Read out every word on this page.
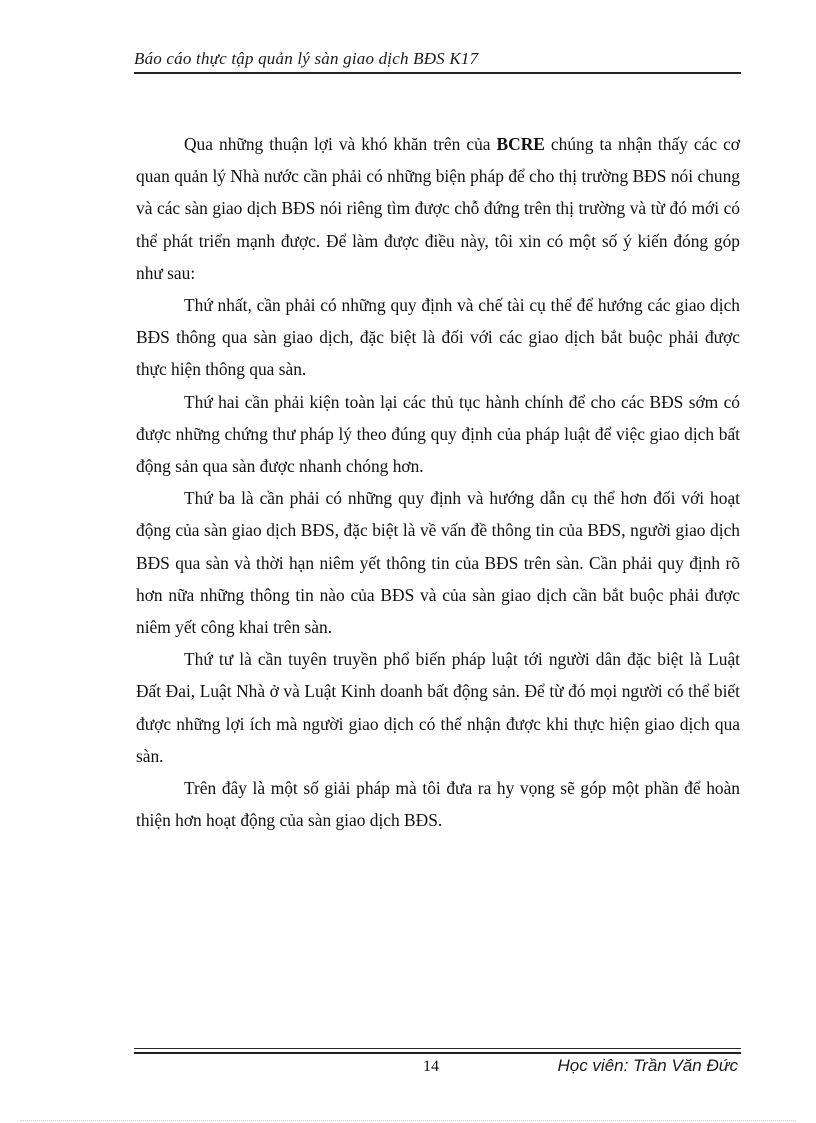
Báo cáo thực tập quản lý sàn giao dịch BĐS K17

Qua những thuận lợi và khó khăn trên của BCRE chúng ta nhận thấy các cơ quan quản lý Nhà nước cần phải có những biện pháp để cho thị trường BĐS nói chung và các sàn giao dịch BĐS nói riêng tìm được chỗ đứng trên thị trường và từ đó mới có thể phát triển mạnh được. Để làm được điều này, tôi xin có một số ý kiến đóng góp như sau:

Thứ nhất, cần phải có những quy định và chế tài cụ thể để hướng các giao dịch BĐS thông qua sàn giao dịch, đặc biệt là đối với các giao dịch bắt buộc phải được thực hiện thông qua sàn.

Thứ hai cần phải kiện toàn lại các thủ tục hành chính để cho các BĐS sớm có được những chứng thư pháp lý theo đúng quy định của pháp luật để việc giao dịch bất động sản qua sàn được nhanh chóng hơn.

Thứ ba là cần phải có những quy định và hướng dẫn cụ thể hơn đối với hoạt động của sàn giao dịch BĐS, đặc biệt là về vấn đề thông tin của BĐS, người giao dịch BĐS qua sàn và thời hạn niêm yết thông tin của BĐS trên sàn. Cần phải quy định rõ hơn nữa những thông tin nào của BĐS và của sàn giao dịch cần bắt buộc phải được niêm yết công khai trên sàn.

Thứ tư là cần tuyên truyền phổ biến pháp luật tới người dân đặc biệt là Luật Đất Đai, Luật Nhà ở và Luật Kinh doanh bất động sản. Để từ đó mọi người có thể biết được những lợi ích mà người giao dịch có thể nhận được khi thực hiện giao dịch qua sàn.

Trên đây là một số giải pháp mà tôi đưa ra hy vọng sẽ góp một phần để hoàn thiện hơn hoạt động của sàn giao dịch BĐS.

14	Học viên: Trần Văn Đức
